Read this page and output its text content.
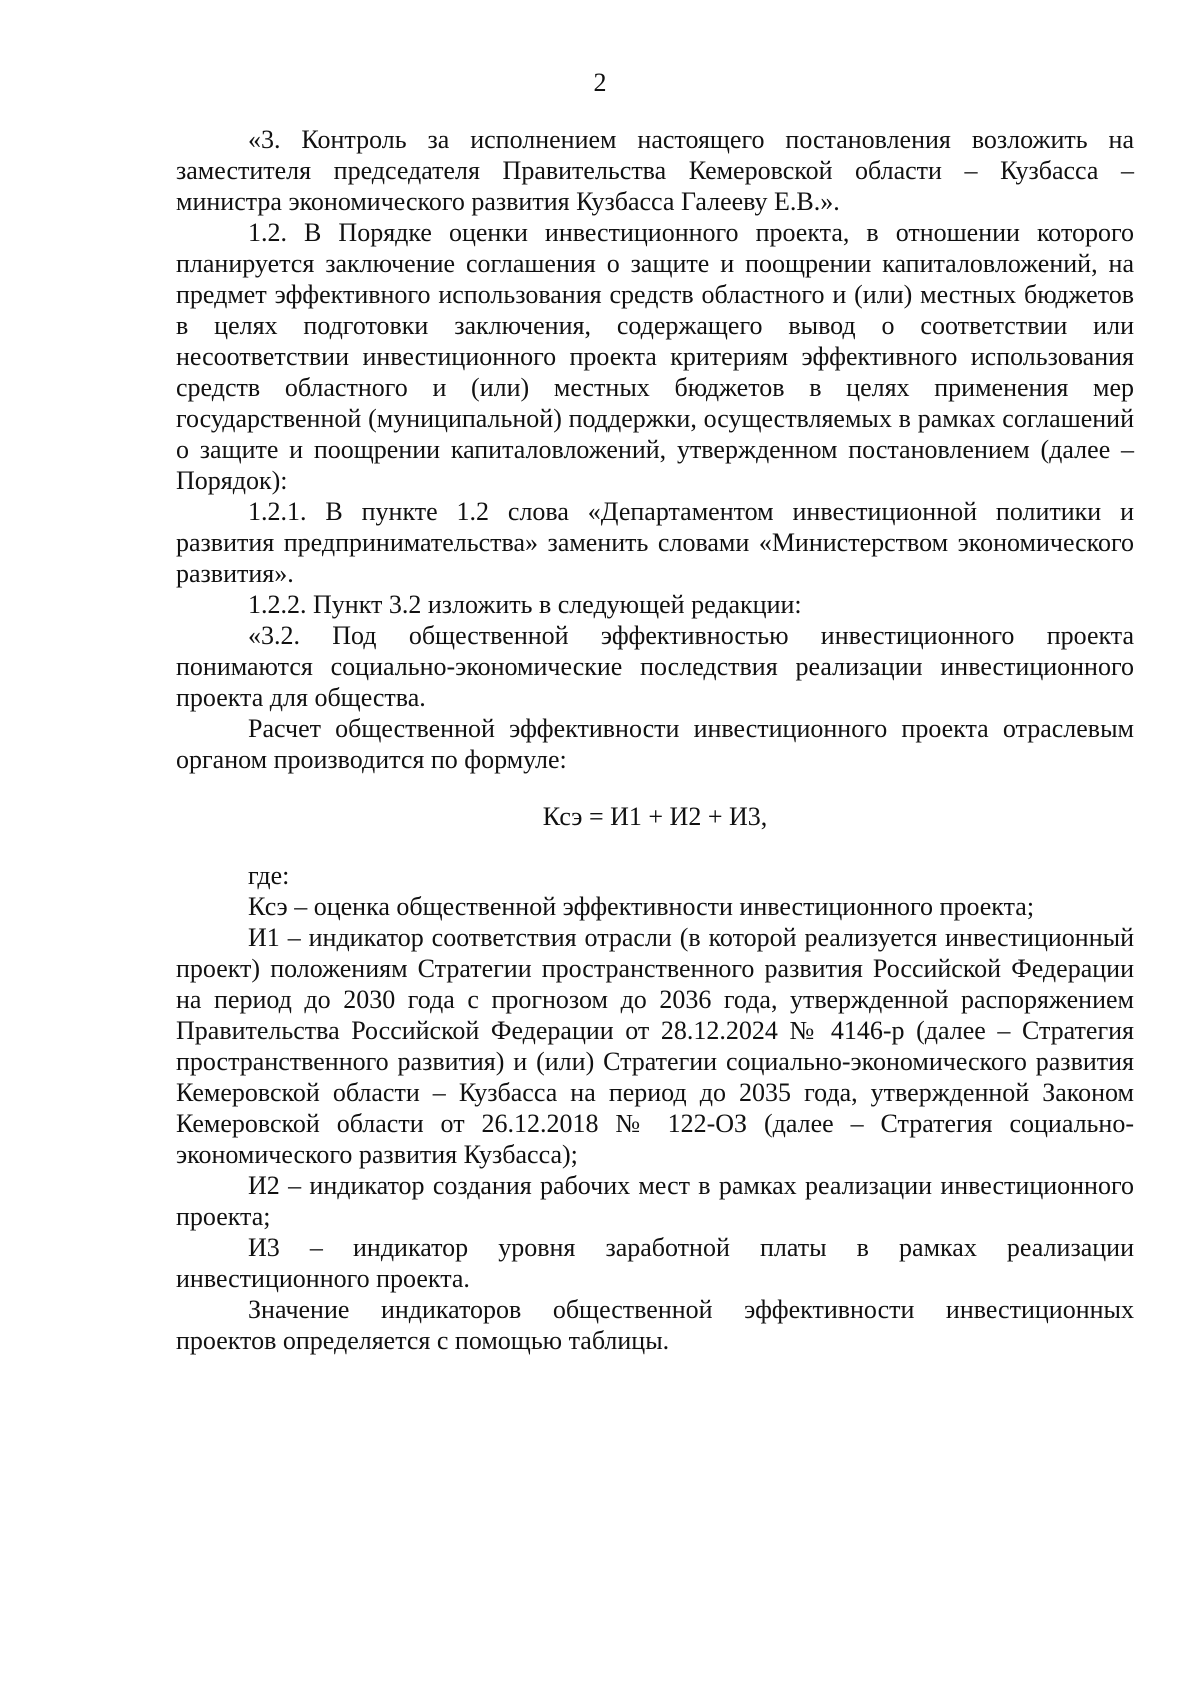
2

«3. Контроль за исполнением настоящего постановления возложить на заместителя председателя Правительства Кемеровской области – Кузбасса – министра экономического развития Кузбасса Галееву Е.В.».

1.2. В Порядке оценки инвестиционного проекта, в отношении которого планируется заключение соглашения о защите и поощрении капиталовложений, на предмет эффективного использования средств областного и (или) местных бюджетов в целях подготовки заключения, содержащего вывод о соответствии или несоответствии инвестиционного проекта критериям эффективного использования средств областного и (или) местных бюджетов в целях применения мер государственной (муниципальной) поддержки, осуществляемых в рамках соглашений о защите и поощрении капиталовложений, утвержденном постановлением (далее – Порядок):

1.2.1. В пункте 1.2 слова «Департаментом инвестиционной политики и развития предпринимательства» заменить словами «Министерством экономического развития».

1.2.2. Пункт 3.2 изложить в следующей редакции:

«3.2. Под общественной эффективностью инвестиционного проекта понимаются социально-экономические последствия реализации инвестиционного проекта для общества.

Расчет общественной эффективности инвестиционного проекта отраслевым органом производится по формуле:

Ксэ = И1 + И2 + И3,

где:

Ксэ – оценка общественной эффективности инвестиционного проекта;

И1 – индикатор соответствия отрасли (в которой реализуется инвестиционный проект) положениям Стратегии пространственного развития Российской Федерации на период до 2030 года с прогнозом до 2036 года, утвержденной распоряжением Правительства Российской Федерации от 28.12.2024 № 4146-р (далее – Стратегия пространственного развития) и (или) Стратегии социально-экономического развития Кемеровской области – Кузбасса на период до 2035 года, утвержденной Законом Кемеровской области от 26.12.2018 № 122-ОЗ (далее – Стратегия социально-экономического развития Кузбасса);

И2 – индикатор создания рабочих мест в рамках реализации инвестиционного проекта;

И3 – индикатор уровня заработной платы в рамках реализации инвестиционного проекта.

Значение индикаторов общественной эффективности инвестиционных проектов определяется с помощью таблицы.
